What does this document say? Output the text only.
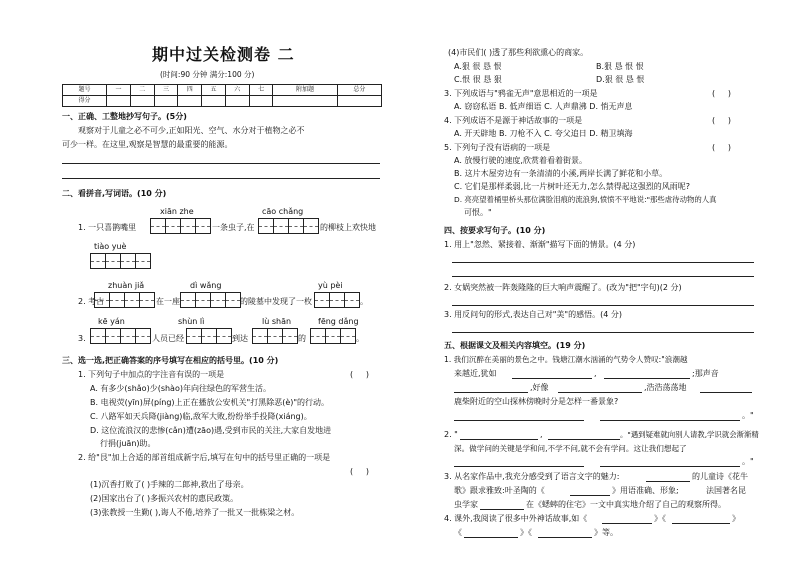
期中过关检测卷 二
(时间:90 分钟 满分:100 分)
题号	一	二	三	四	五	六	七	附加题	总分
得分									
一、正确、工整地抄写句子。(5分)
观察对于儿童之必不可少,正如阳光、空气、水分对于植物之必不
可少一样。在这里,观察是智慧的最重要的能源。
二、看拼音,写词语。(10 分)
xiān zhe	cāo chǎng
1. 一只喜鹊嘴里	一条虫子,在	的柳枝上欢快地
tiào yuè
zhuàn jiǎ	dì wǎng	yù pèi
2. 考古	在一座	的陵墓中发现了一枚	。
kē yán	shùn lì	lù shān	fēng dǎng
3.	人员已经	到达	的	。
三、选一选,把正确答案的序号填写在相应的括号里。(10 分)
1. 下列句子中加点的字注音有误的一项是	(     )
A. 有多少(shǎo)少(shào)年向往绿色的军营生活。
B. 电视荧(yīn)屏(píng)上正在播放公安机关"打黑除恶(è)"的行动。
C. 八路军如天兵降(jiàng)临,敌军大败,纷纷举手投降(xiáng)。
D. 这位流浪汉的悲惨(cǎn)遭(zāo)遇,受到市民的关注,大家自发地进
行捐(juān)助。
2. 给"艮"加上合适的部首组成新字后,填写在句中的括号里正确的一项是
(     )
(1)沉香打败了( )手辣的二郎神,救出了母亲。
(2)国家出台了( )多振兴农村的惠民政策。
(3)张教授一生勤( ),诲人不倦,培养了一批又一批栋梁之材。
(4)市民们( )透了那些利欲熏心的商家。
A.狠 很 恳 恨	B.狠 恳 恨 恨
C.恨 很 恳 狠	D.狠 很 恳 恨
3. 下列成语与"鸦雀无声"意思相近的一项是	(     )
A. 窃窃私语 B. 低声细语 C. 人声鼎沸 D. 悄无声息
4. 下列成语不是源于神话故事的一项是	(     )
A. 开天辟地 B. 刀枪不入 C. 夸父追日 D. 精卫填海
5. 下列句子没有语病的一项是	(     )
A. 放慢行驶的速度,欣赏着看着街景。
B. 这片木屋旁边有一条清清的小溪,两岸长满了鲜花和小草。
C. 它们是那样柔弱,比一片树叶还无力,怎么禁得起这强烈的风雨呢?
D. 亮亮望着桶里桥头那位满脸泪痕的流浪狗,愤愤不平地说:"那些虐待动物的人真
可恨。"
四、按要求写句子。(10 分)
1. 用上"忽然、紧接着、渐渐"描写下面的情景。(4 分)
2. 女娲突然被一阵轰隆隆的巨大响声震醒了。(改为"把"字句)(2 分)
3. 用反问句的形式,表达自己对"美"的感悟。(4 分)
五、根据课文及相关内容填空。(19 分)
1. 我们沉醉在美丽的景色之中。钱塘江潮水汹涌的气势令人赞叹:"浪潮越
来越近,犹如	,	;那声音
,好像	,浩浩荡荡地
鹿柴附近的空山探林傍晚时分是怎样一番景象?
。"
2. "	,	。"遇到疑难就向别人请教,学识就会渐渐精
深。做学问的关键是学和问,不学不问,就不会有学问。这让我们想起了
。"
3. 从名家作品中,我充分感受到了语言文字的魅力:	的儿童诗《花牛
歌》跟求雅致:叶圣陶的《	》用语准确、形象;	法国著名昆
虫学家	在《蟋蟀的住宅》一文中真实地介绍了自己的观察所得。
4. 课外,我阅读了很多中外神话故事,如《	》《	》
《	》《	》等。
